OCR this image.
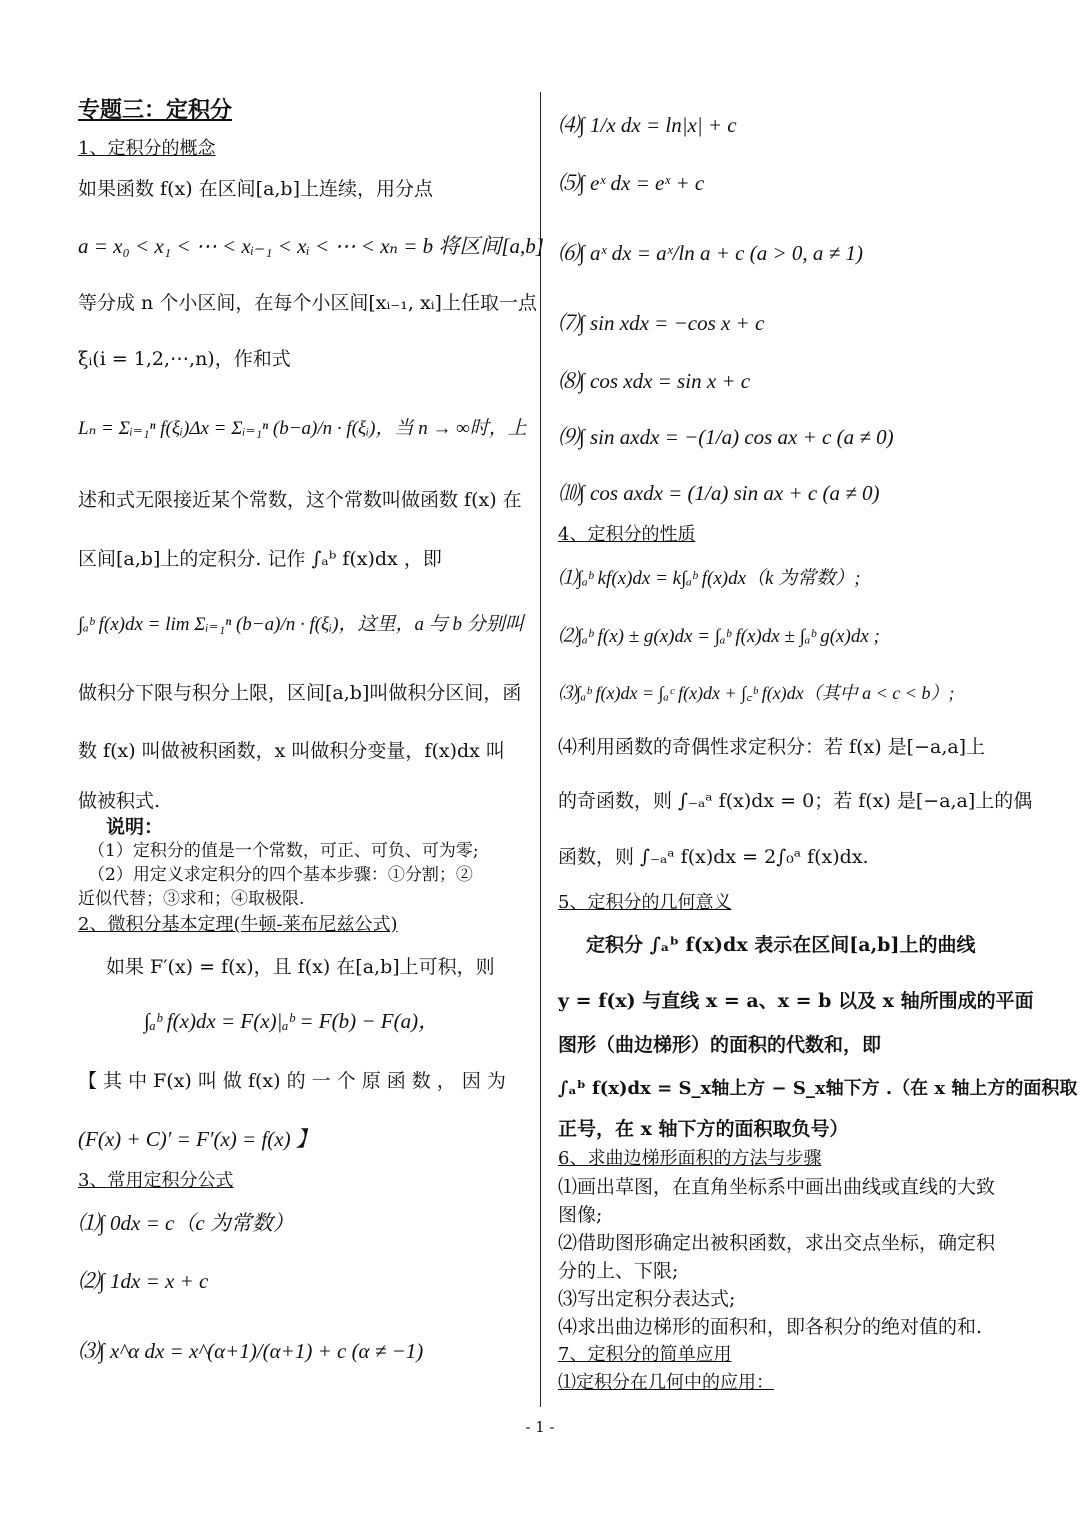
专题三：定积分
1、定积分的概念
如果函数 f(x) 在区间[a,b]上连续，用分点
a = x₀ < x₁ < ⋯ < xᵢ₋₁ < xᵢ < ⋯ < xₙ = b 将区间[a,b]
等分成 n 个小区间，在每个小区间[xᵢ₋₁, xᵢ]上任取一点
ξᵢ(i = 1,2,⋯,n)，作和式
Lₙ = Σᵢ₌₁ⁿ f(ξᵢ)Δx = Σᵢ₌₁ⁿ (b−a)/n · f(ξᵢ)，当 n → ∞时，上
述和式无限接近某个常数，这个常数叫做函数 f(x) 在
区间[a,b]上的定积分. 记作 ∫ₐᵇ f(x)dx ，即
∫ₐᵇ f(x)dx = lim Σᵢ₌₁ⁿ (b−a)/n · f(ξᵢ)，这里，a 与 b 分别叫
做积分下限与积分上限，区间[a,b]叫做积分区间，函
数 f(x) 叫做被积函数，x 叫做积分变量，f(x)dx 叫
做被积式.
说明：
（1）定积分的值是一个常数，可正、可负、可为零;
（2）用定义求定积分的四个基本步骤：①分割；②
近似代替；③求和；④取极限.
2、微积分基本定理(牛顿-莱布尼兹公式)
如果 F′(x) = f(x)，且 f(x) 在[a,b]上可积，则
∫ₐᵇ f(x)dx = F(x)|ₐᵇ = F(b) − F(a)，
【 其 中 F(x) 叫 做 f(x) 的 一 个 原 函 数 ， 因 为
(F(x) + C)′ = F′(x) = f(x) 】
3、常用定积分公式
⑴∫ 0dx = c（c 为常数）
⑵∫ 1dx = x + c
⑶∫ x^α dx = x^(α+1)/(α+1) + c (α ≠ −1)
⑷∫ 1/x dx = ln|x| + c
⑸∫ eˣ dx = eˣ + c
⑹∫ aˣ dx = aˣ/ln a + c (a > 0, a ≠ 1)
⑺∫ sin xdx = −cos x + c
⑻∫ cos xdx = sin x + c
⑼∫ sin axdx = −(1/a) cos ax + c (a ≠ 0)
⑽∫ cos axdx = (1/a) sin ax + c (a ≠ 0)
4、定积分的性质
⑴∫ₐᵇ kf(x)dx = k∫ₐᵇ f(x)dx（k 为常数）;
⑵∫ₐᵇ f(x) ± g(x)dx = ∫ₐᵇ f(x)dx ± ∫ₐᵇ g(x)dx ;
⑶∫ₐᵇ f(x)dx = ∫ₐᶜ f(x)dx + ∫꜀ᵇ f(x)dx（其中 a < c < b）;
⑷利用函数的奇偶性求定积分：若 f(x) 是[−a,a]上
的奇函数，则 ∫₋ₐᵃ f(x)dx = 0；若 f(x) 是[−a,a]上的偶
函数，则 ∫₋ₐᵃ f(x)dx = 2∫₀ᵃ f(x)dx.
5、定积分的几何意义
定积分 ∫ₐᵇ f(x)dx 表示在区间[a,b]上的曲线
y = f(x) 与直线 x = a、x = b 以及 x 轴所围成的平面
图形（曲边梯形）的面积的代数和，即
∫ₐᵇ f(x)dx = S_x轴上方 − S_x轴下方 .（在 x 轴上方的面积取
正号，在 x 轴下方的面积取负号）
6、求曲边梯形面积的方法与步骤
⑴画出草图，在直角坐标系中画出曲线或直线的大致
图像;
⑵借助图形确定出被积函数，求出交点坐标，确定积
分的上、下限;
⑶写出定积分表达式;
⑷求出曲边梯形的面积和，即各积分的绝对值的和.
7、定积分的简单应用
⑴定积分在几何中的应用：
- 1 -
